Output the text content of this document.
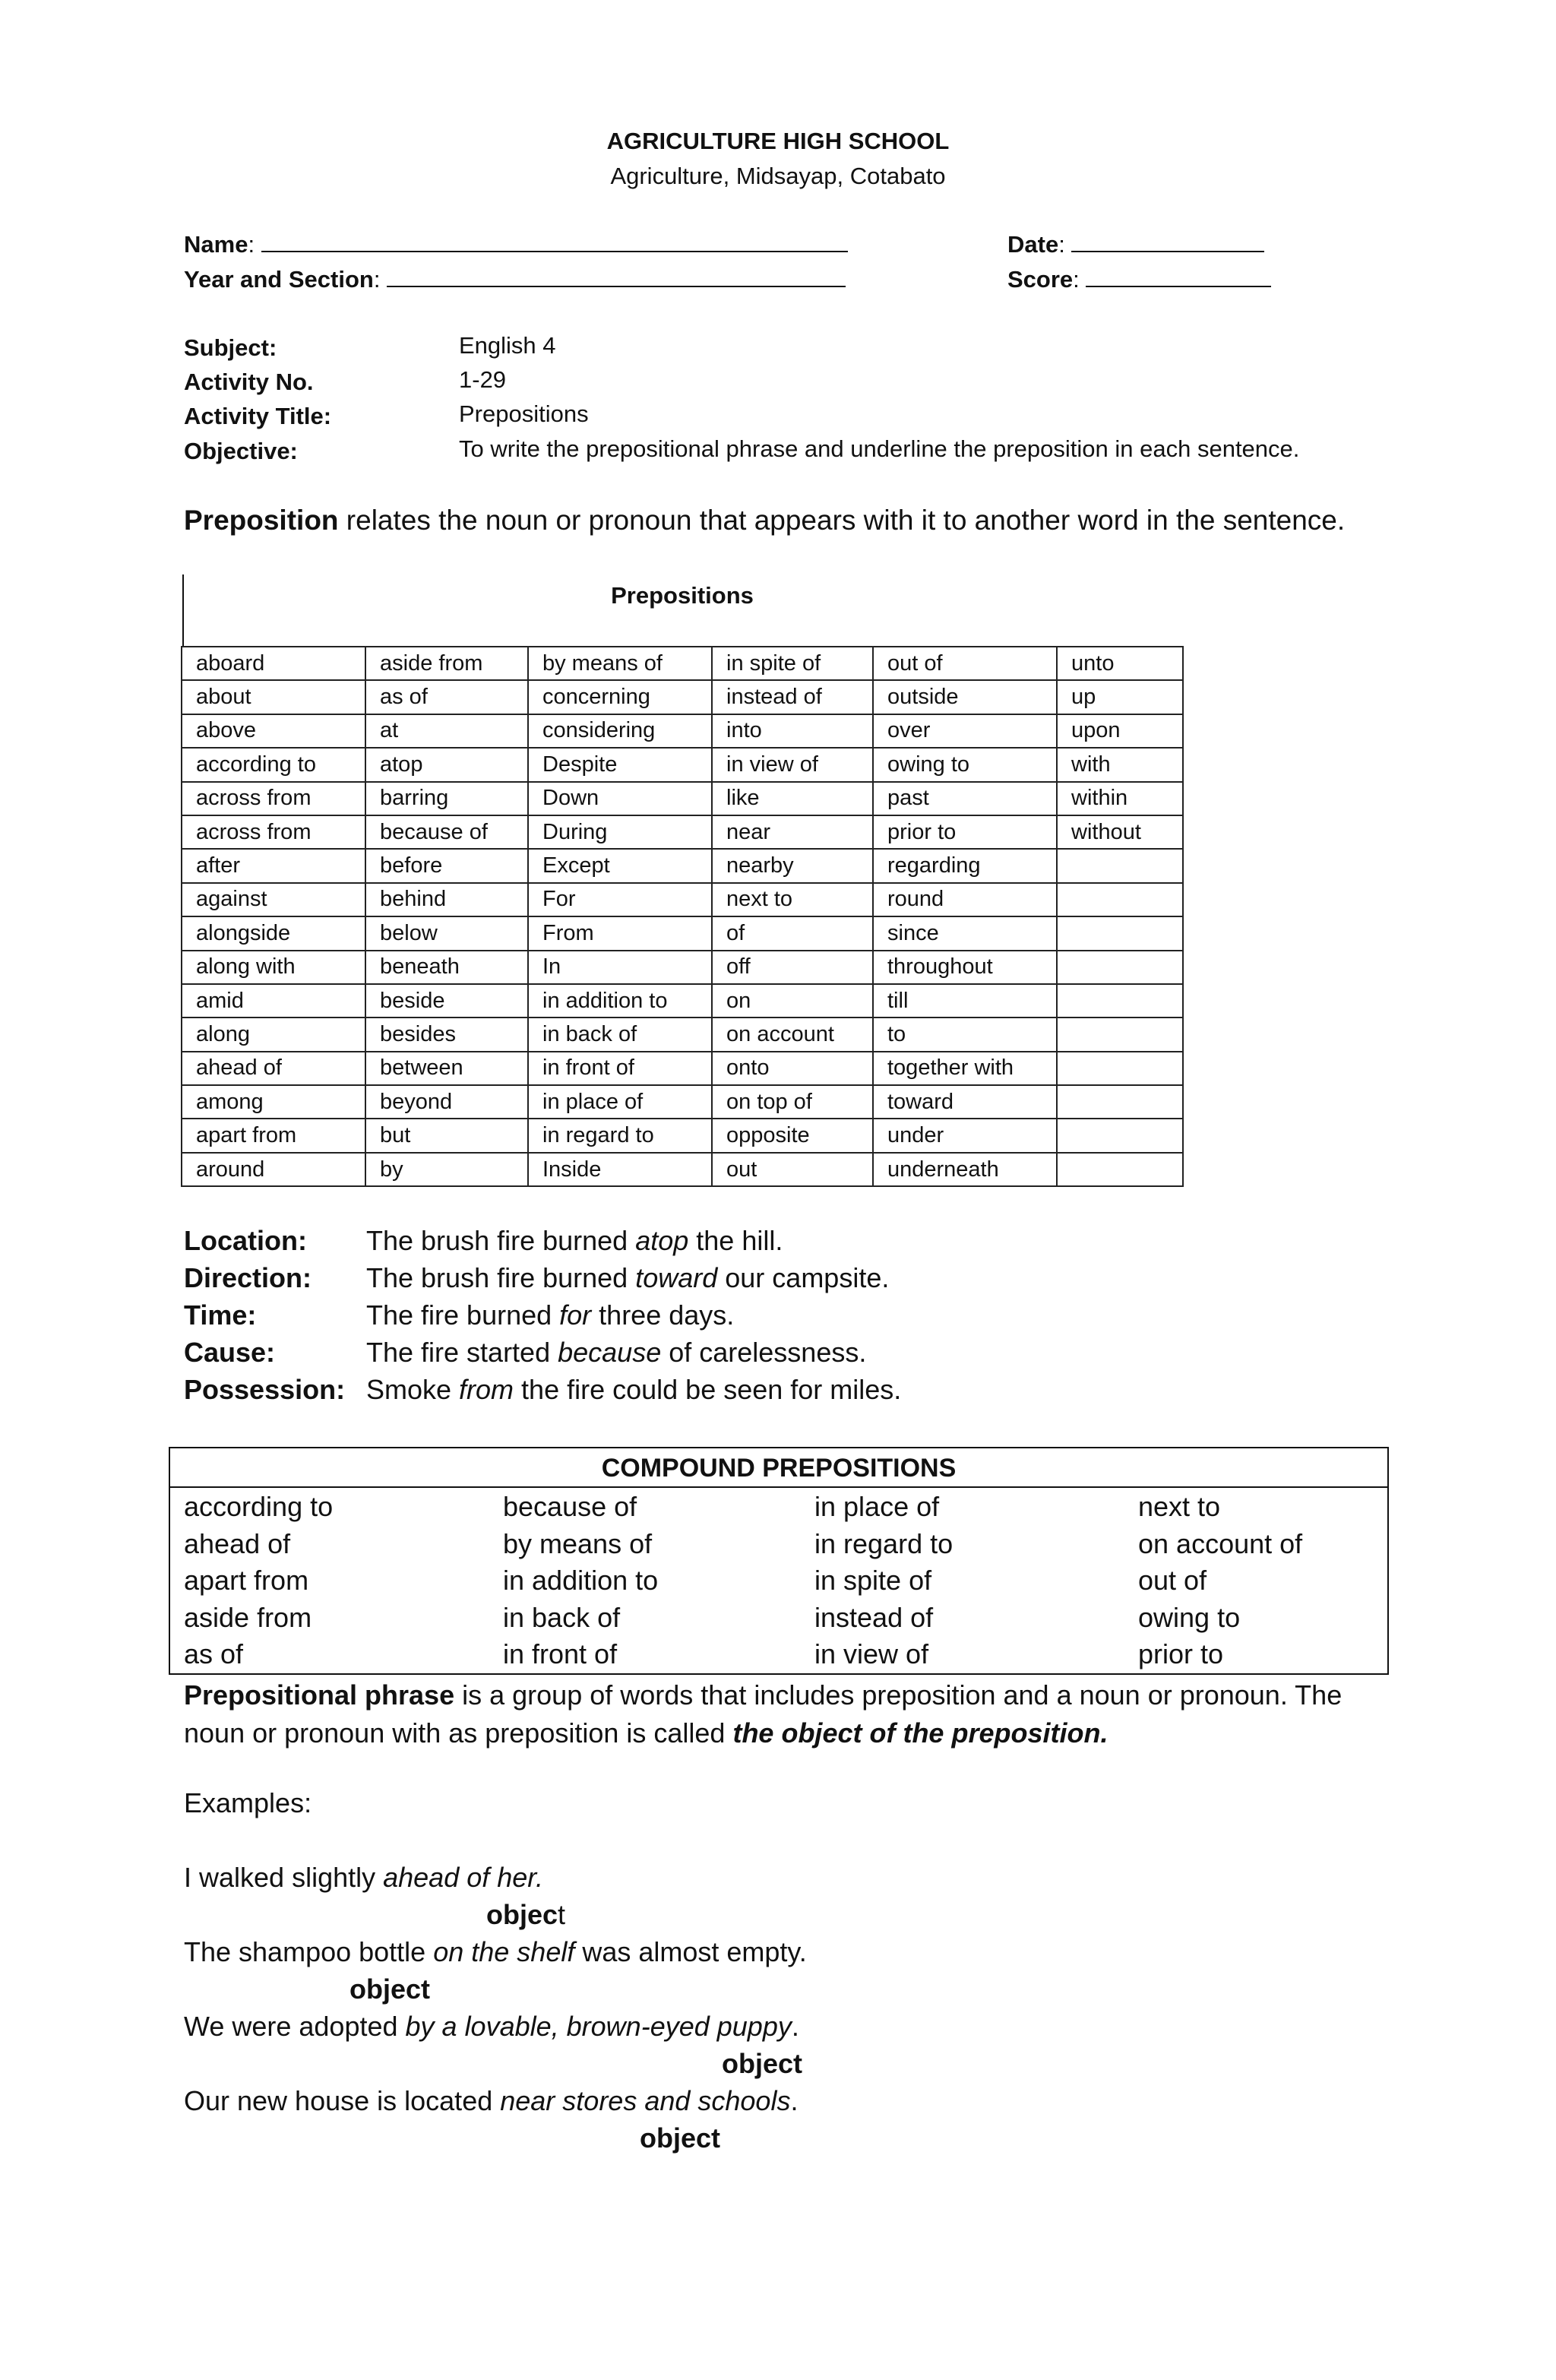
AGRICULTURE HIGH SCHOOL
Agriculture, Midsayap, Cotabato
Name:
Year and Section:
Date:
Score:
Subject:	English 4
Activity No.	1-29
Activity Title:	Prepositions
Objective:	To write the prepositional phrase and underline the preposition in each sentence.
Preposition relates the noun or pronoun that appears with it to another word in the sentence.
Prepositions
aboard	aside from	by means of	in spite of	out of	unto
about	as of	concerning	instead of	outside	up
above	at	considering	into	over	upon
according to	atop	Despite	in view of	owing to	with
across from	barring	Down	like	past	within
across from	because of	During	near	prior to	without
after	before	Except	nearby	regarding	
against	behind	For	next to	round	
alongside	below	From	of	since	
along with	beneath	In	off	throughout	
amid	beside	in addition to	on	till	
along	besides	in back of	on account	to	
ahead of	between	in front of	onto	together with	
among	beyond	in place of	on top of	toward	
apart from	but	in regard to	opposite	under	
around	by	Inside	out	underneath	
Location: The brush fire burned atop the hill.
Direction: The brush fire burned toward our campsite.
Time:	The fire burned for three days.
Cause:	The fire started because of carelessness.
Possession: Smoke from the fire could be seen for miles.
COMPOUND PREPOSITIONS
according to	because of	in place of	next to
ahead of	by means of	in regard to	on account of
apart from	in addition to	in spite of	out of
aside from	in back of	instead of	owing to
as of	in front of	in view of	prior to
Prepositional phrase is a group of words that includes preposition and a noun or pronoun. The noun or pronoun with as preposition is called the object of the preposition.
Examples:
I walked slightly ahead of her.
object
The shampoo bottle on the shelf was almost empty.
object
We were adopted by a lovable, brown-eyed puppy.
object
Our new house is located near stores and schools.
object
